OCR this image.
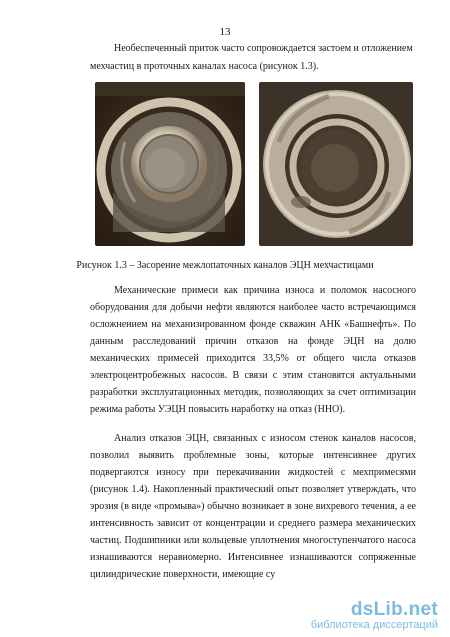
13

Необеспеченный приток часто сопровождается застоем и отложением

мехчастиц в проточных каналах насоса (рисунок 1.3).

Рисунок 1.3 – Засорение межлопаточных каналов ЭЦН мехчастицами

Механические примеси как причина износа и поломок насосного оборудования для добычи нефти являются наиболее часто встречающимся осложнением на механизированном фонде скважин АНК «Башнефть». По данным расследований причин отказов на фонде ЭЦН на долю механических примесей приходится 33,5% от общего числа отказов электроцентробежных насосов. В связи с этим становятся актуальными разработки эксплуатационных методик, позволяющих за счет оптимизации режима работы УЭЦН повысить наработку на отказ (ННО).

Анализ отказов ЭЦН, связанных с износом стенок каналов насосов, позволил выявить проблемные зоны, которые интенсивнее других подвергаются износу при перекачивании жидкостей с мехпримесями (рисунок 1.4). Накопленный практический опыт позволяет утверждать, что эрозия (в виде «промыва») обычно возникает в зоне вихревого течения, а ее интенсивность зависит от концентрации и среднего размера механических частиц. Подшипники или кольцевые уплотнения многоступенчатого насоса изнашиваются неравномерно. Интенсивнее изнашиваются сопряженные цилиндрические поверхности, имеющие су

dsLib.net
библиотека диссертаций
